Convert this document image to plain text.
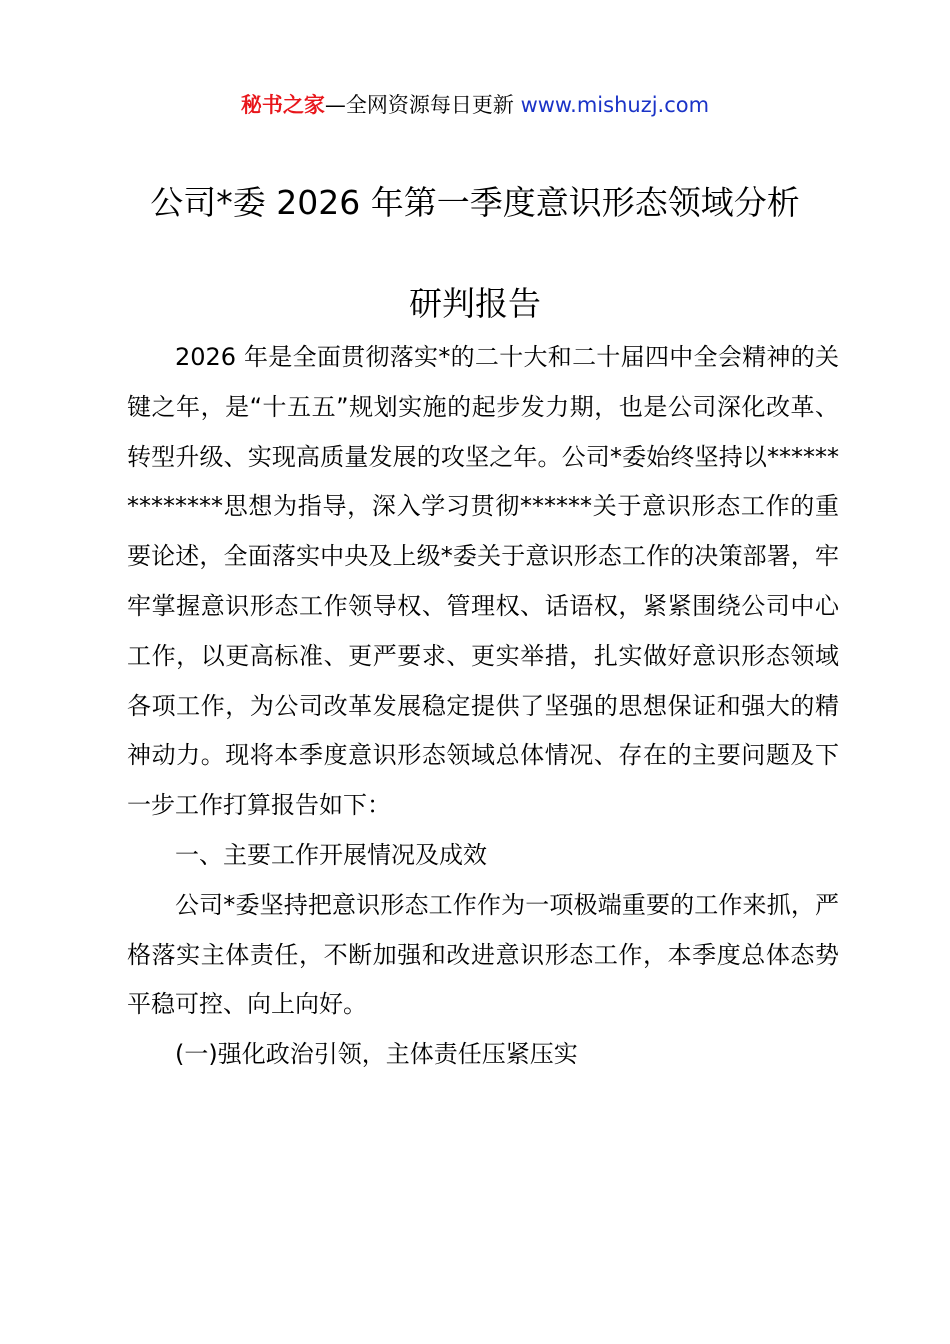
秘书之家—全网资源每日更新 www.mishuzj.com
公司*委 2026 年第一季度意识形态领域分析
研判报告

2026 年是全面贯彻落实*的二十大和二十届四中全会精神的关键之年，是“十五五”规划实施的起步发力期，也是公司深化改革、转型升级、实现高质量发展的攻坚之年。公司*委始终坚持以**************思想为指导，深入学习贯彻******关于意识形态工作的重要论述，全面落实中央及上级*委关于意识形态工作的决策部署，牢牢掌握意识形态工作领导权、管理权、话语权，紧紧围绕公司中心工作，以更高标准、更严要求、更实举措，扎实做好意识形态领域各项工作，为公司改革发展稳定提供了坚强的思想保证和强大的精神动力。现将本季度意识形态领域总体情况、存在的主要问题及下一步工作打算报告如下：

一、主要工作开展情况及成效

公司*委坚持把意识形态工作作为一项极端重要的工作来抓，严格落实主体责任，不断加强和改进意识形态工作，本季度总体态势平稳可控、向上向好。

(一)强化政治引领，主体责任压紧压实
